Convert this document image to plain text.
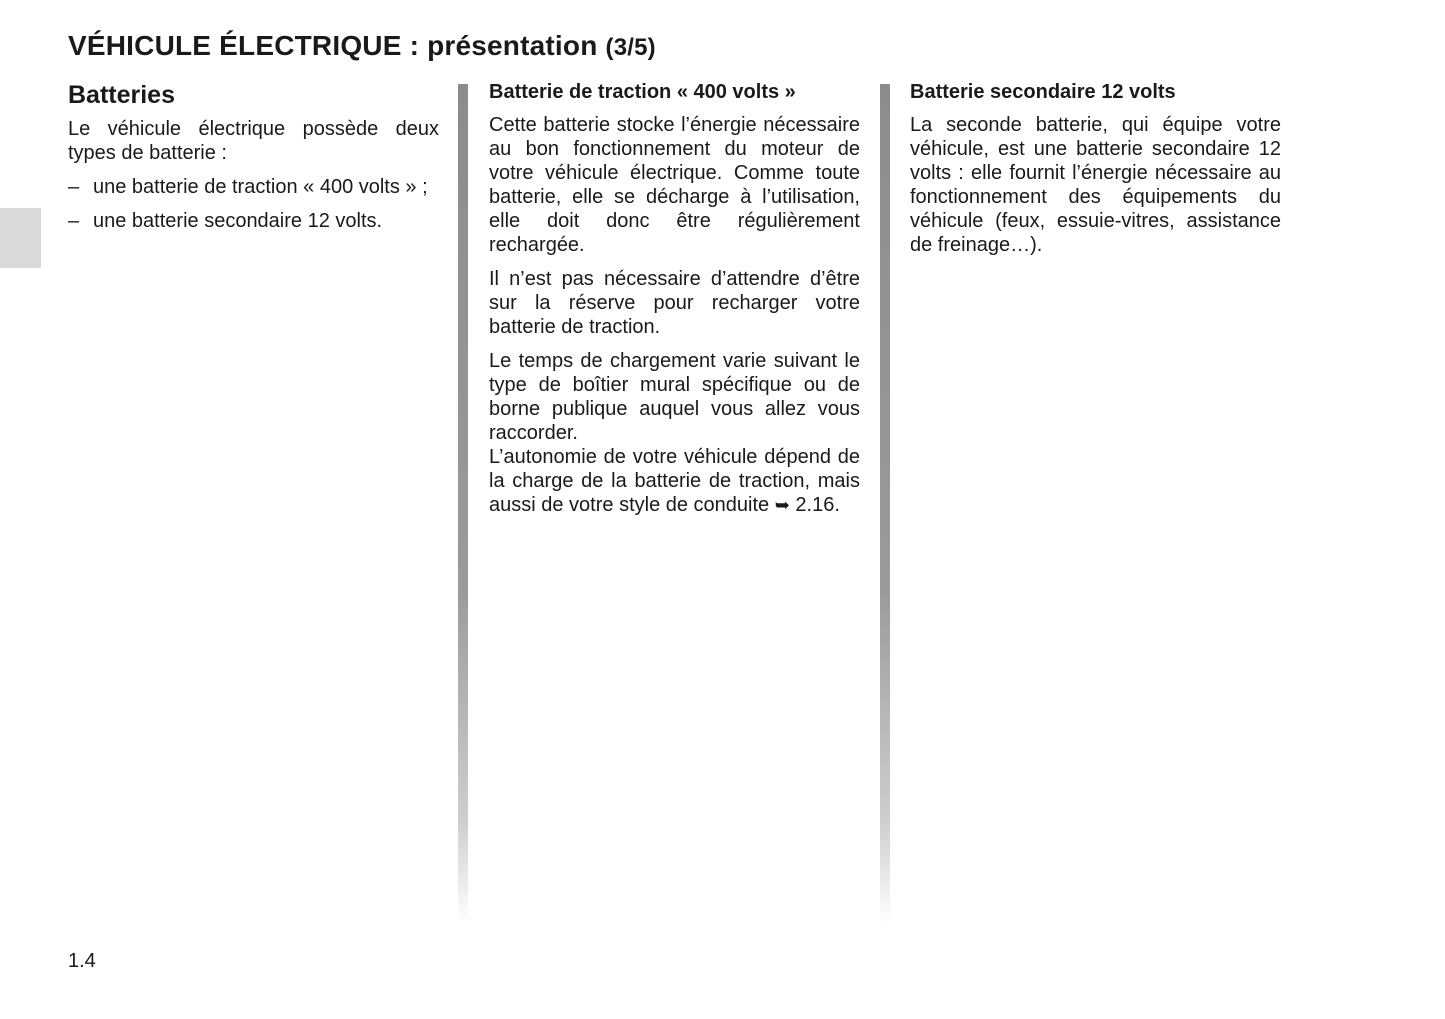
VÉHICULE ÉLECTRIQUE : présentation (3/5)
Batteries

Le véhicule électrique possède deux types de batterie :

– une batterie de traction « 400 volts » ;
– une batterie secondaire 12 volts.
Batterie de traction « 400 volts »

Cette batterie stocke l’énergie nécessaire au bon fonctionnement du moteur de votre véhicule électrique. Comme toute batterie, elle se décharge à l’utilisation, elle doit donc être régulièrement rechargée.

Il n’est pas nécessaire d’attendre d’être sur la réserve pour recharger votre batterie de traction.

Le temps de chargement varie suivant le type de boîtier mural spécifique ou de borne publique auquel vous allez vous raccorder.

L’autonomie de votre véhicule dépend de la charge de la batterie de traction, mais aussi de votre style de conduite ➥ 2.16.

Batterie secondaire 12 volts

La seconde batterie, qui équipe votre véhicule, est une batterie secondaire 12 volts : elle fournit l’énergie nécessaire au fonctionnement des équipements du véhicule (feux, essuie-vitres, assistance de freinage…).

1.4
